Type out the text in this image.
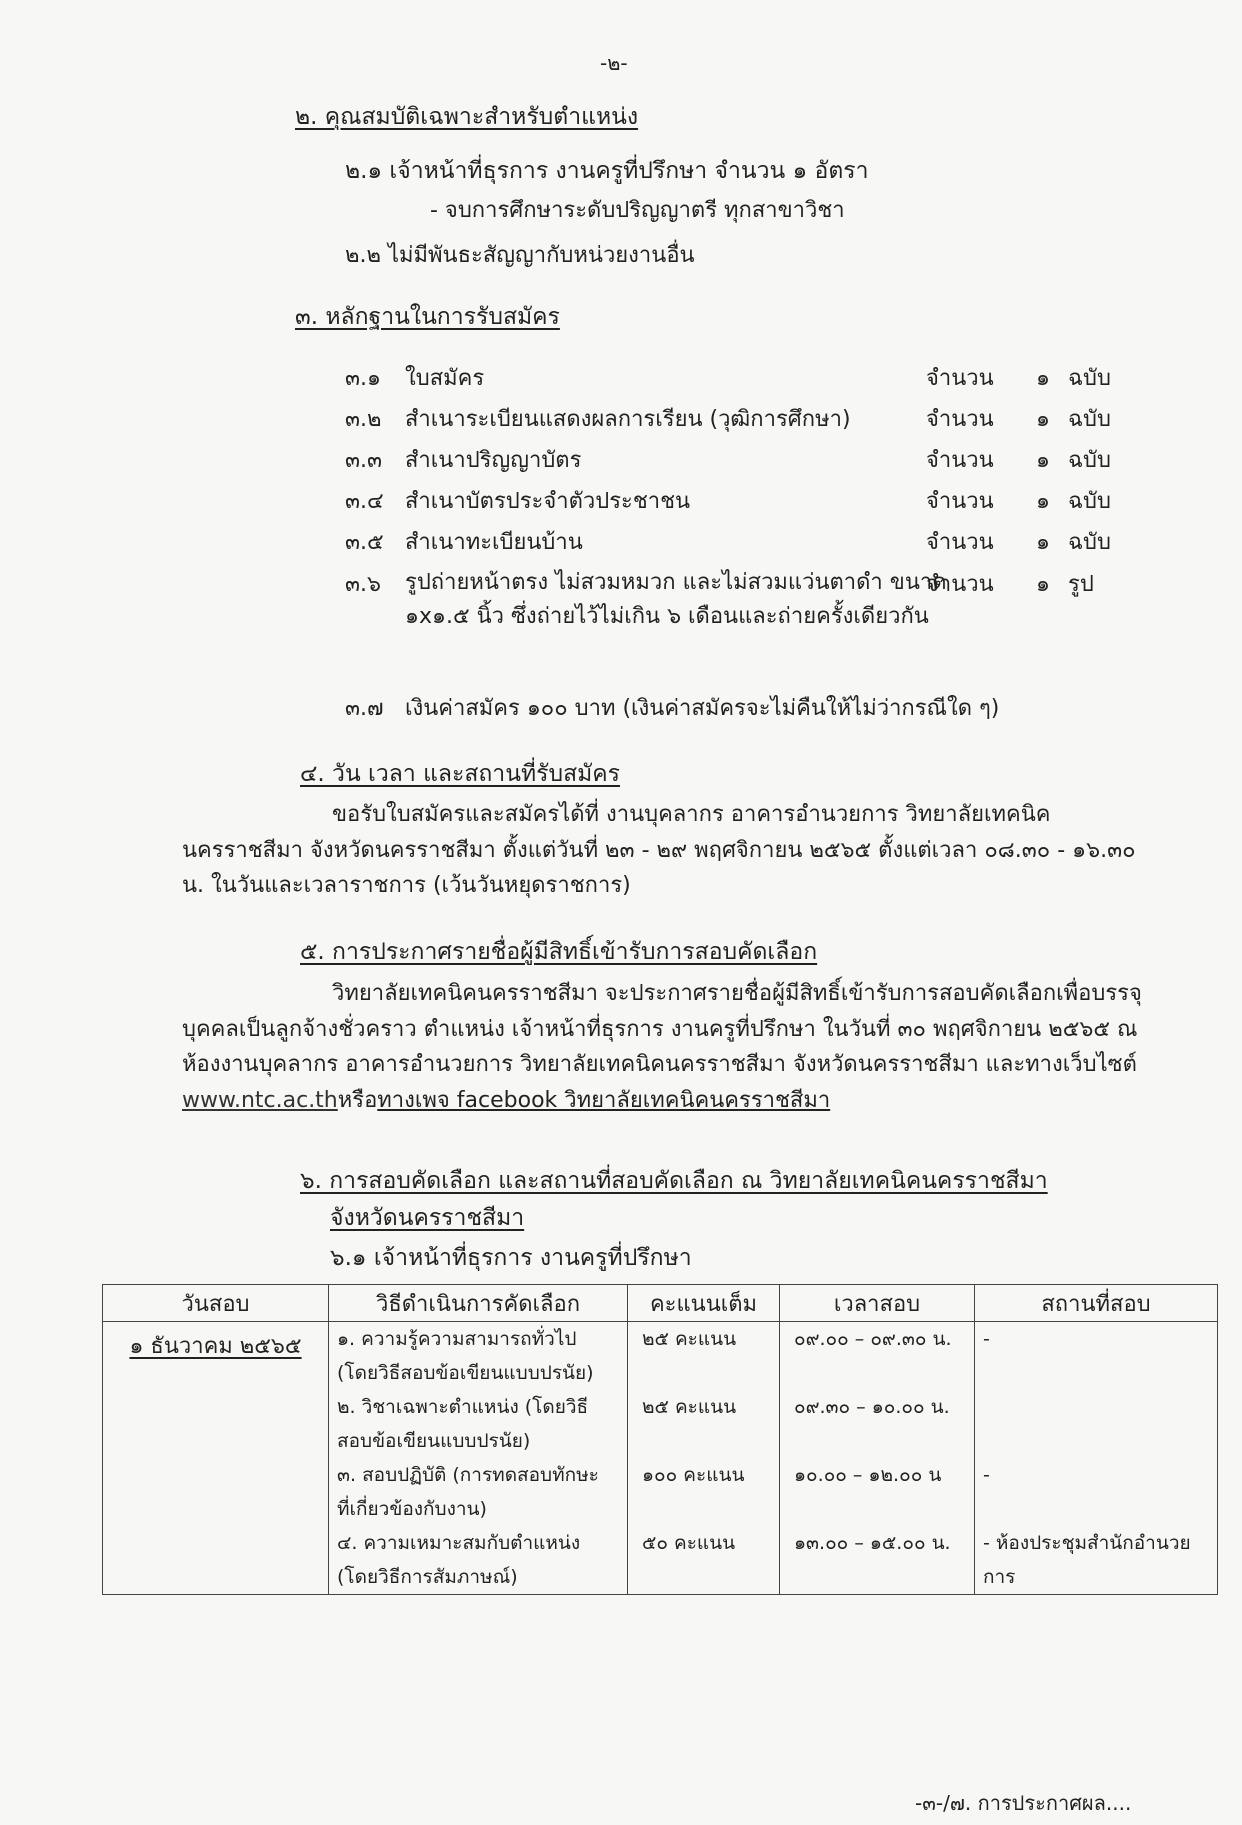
-๒-
๒. คุณสมบัติเฉพาะสำหรับตำแหน่ง
๒.๑ เจ้าหน้าที่ธุรการ งานครูที่ปรึกษา จำนวน ๑ อัตรา
- จบการศึกษาระดับปริญญาตรี ทุกสาขาวิชา
๒.๒ ไม่มีพันธะสัญญากับหน่วยงานอื่น
๓. หลักฐานในการรับสมัคร
๓.๑ ใบสมัคร	จำนวน ๑ ฉบับ
๓.๒ สำเนาระเบียนแสดงผลการเรียน (วุฒิการศึกษา)	จำนวน ๑ ฉบับ
๓.๓ สำเนาปริญญาบัตร	จำนวน ๑ ฉบับ
๓.๔ สำเนาบัตรประจำตัวประชาชน	จำนวน ๑ ฉบับ
๓.๕ สำเนาทะเบียนบ้าน	จำนวน ๑ ฉบับ
๓.๖ รูปถ่ายหน้าตรง ไม่สวมหมวก และไม่สวมแว่นตาดำ ขนาด ๑x๑.๕ นิ้ว ซึ่งถ่ายไว้ไม่เกิน ๖ เดือนและถ่ายครั้งเดียวกัน
จำนวน ๑ รูป
๓.๗ เงินค่าสมัคร ๑๐๐ บาท (เงินค่าสมัครจะไม่คืนให้ไม่ว่ากรณีใด ๆ)
๔. วัน เวลา และสถานที่รับสมัคร
ขอรับใบสมัครและสมัครได้ที่ งานบุคลากร อาคารอำนวยการ วิทยาลัยเทคนิคนครราชสีมา จังหวัดนครราชสีมา ตั้งแต่วันที่ ๒๓ - ๒๙ พฤศจิกายน ๒๕๖๕ ตั้งแต่เวลา ๐๘.๓๐ - ๑๖.๓๐ น. ในวันและเวลาราชการ (เว้นวันหยุดราชการ)
๕. การประกาศรายชื่อผู้มีสิทธิ์เข้ารับการสอบคัดเลือก
วิทยาลัยเทคนิคนครราชสีมา จะประกาศรายชื่อผู้มีสิทธิ์เข้ารับการสอบคัดเลือกเพื่อบรรจุบุคคลเป็นลูกจ้างชั่วคราว ตำแหน่ง เจ้าหน้าที่ธุรการ งานครูที่ปรึกษา ในวันที่ ๓๐ พฤศจิกายน ๒๕๖๕ ณ ห้องงานบุคลากร อาคารอำนวยการ วิทยาลัยเทคนิคนครราชสีมา จังหวัดนครราชสีมา และทางเว็บไซต์ www.ntc.ac.thหรือทางเพจ facebook วิทยาลัยเทคนิคนครราชสีมา
๖. การสอบคัดเลือก และสถานที่สอบคัดเลือก ณ วิทยาลัยเทคนิคนครราชสีมา
จังหวัดนครราชสีมา
๖.๑ เจ้าหน้าที่ธุรการ งานครูที่ปรึกษา
วันสอบ	วิธีดำเนินการคัดเลือก	คะแนนเต็ม	เวลาสอบ	สถานที่สอบ
๑ ธันวาคม ๒๕๖๕	๑. ความรู้ความสามารถทั่วไป
(โดยวิธีสอบข้อเขียนแบบปรนัย)	๒๕ คะแนน	๐๙.๐๐ – ๐๙.๓๐ น.	-

	๒. วิชาเฉพาะตำแหน่ง (โดยวิธี
สอบข้อเขียนแบบปรนัย)	๒๕ คะแนน	๐๙.๓๐ – ๑๐.๐๐ น.	

	๓. สอบปฏิบัติ (การทดสอบทักษะ
ที่เกี่ยวข้องกับงาน)	๑๐๐ คะแนน	๑๐.๐๐ – ๑๒.๐๐ น	-

	๔. ความเหมาะสมกับตำแหน่ง
(โดยวิธีการสัมภาษณ์)	๕๐ คะแนน	๑๓.๐๐ – ๑๕.๐๐ น.	- ห้องประชุมสำนักอำนวยการ
-๓-/๗. การประกาศผล....
